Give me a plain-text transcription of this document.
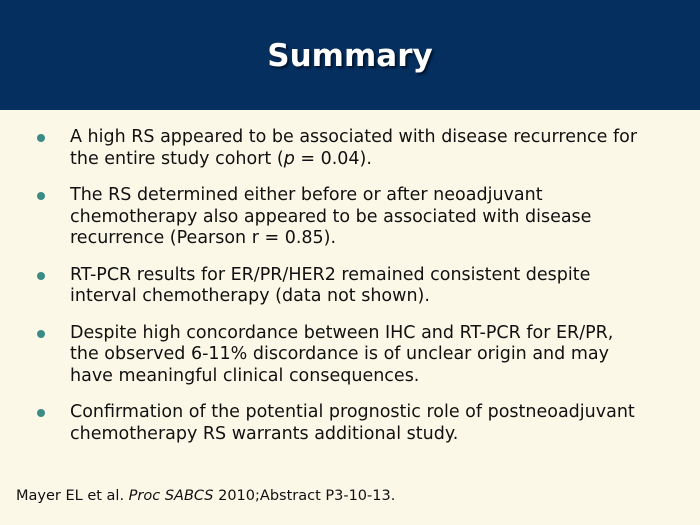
Summary
A high RS appeared to be associated with disease recurrence for
the entire study cohort (p = 0.04).
The RS determined either before or after neoadjuvant
chemotherapy also appeared to be associated with disease
recurrence (Pearson r = 0.85).
RT-PCR results for ER/PR/HER2 remained consistent despite
interval chemotherapy (data not shown).
Despite high concordance between IHC and RT-PCR for ER/PR,
the observed 6-11% discordance is of unclear origin and may
have meaningful clinical consequences.
Confirmation of the potential prognostic role of postneoadjuvant
chemotherapy RS warrants additional study.
Mayer EL et al. Proc SABCS 2010;Abstract P3-10-13.
